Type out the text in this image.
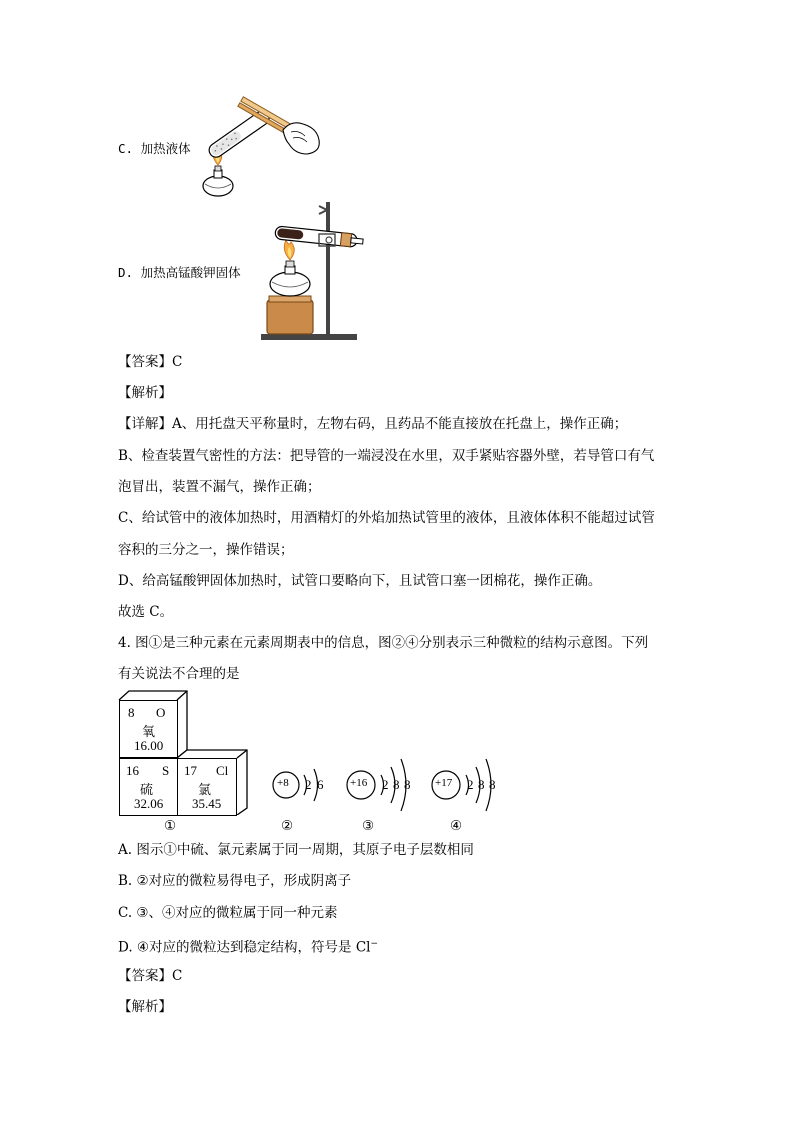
C. 加热液体
D. 加热高锰酸钾固体
【答案】C
【解析】
【详解】A、用托盘天平称量时，左物右码，且药品不能直接放在托盘上，操作正确；
B、检查装置气密性的方法：把导管的一端浸没在水里，双手紧贴容器外壁，若导管口有气
泡冒出，装置不漏气，操作正确；
C、给试管中的液体加热时，用酒精灯的外焰加热试管里的液体，且液体体积不能超过试管
容积的三分之一，操作错误；
D、给高锰酸钾固体加热时，试管口要略向下，且试管口塞一团棉花，操作正确。
故选 C。
4. 图①是三种元素在元素周期表中的信息，图②④分别表示三种微粒的结构示意图。下列
有关说法不合理的是
8 O
氧
16.00
16 S
硫
32.06
17 Cl
氯
35.45
+8 2 6 +16 2 8 8 +17 2 8 8
①	②	③	④
A. 图示①中硫、氯元素属于同一周期，其原子电子层数相同
B. ②对应的微粒易得电子，形成阴离子
C. ③、④对应的微粒属于同一种元素
D. ④对应的微粒达到稳定结构，符号是 Cl−
【答案】C
【解析】
